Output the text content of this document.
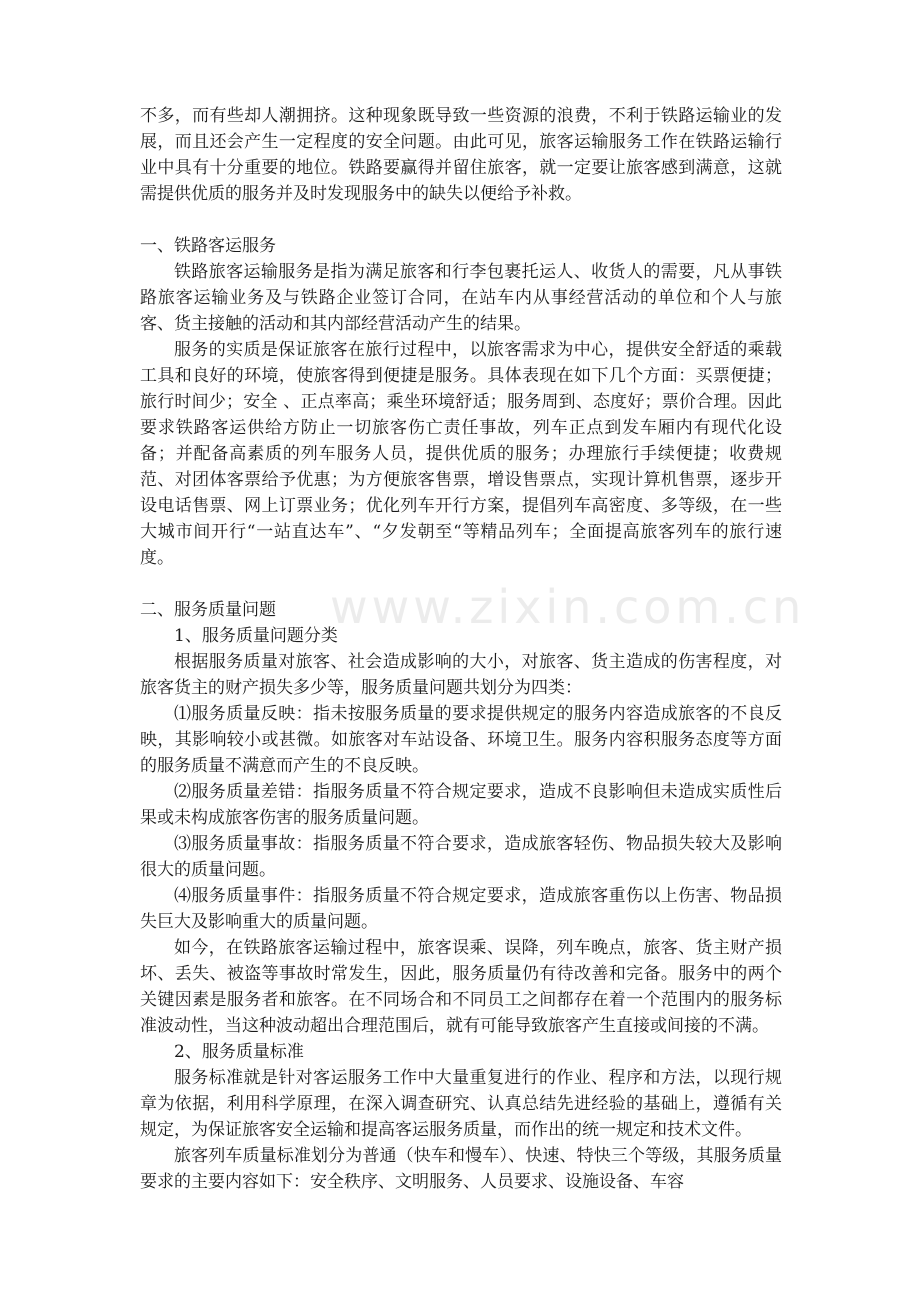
www.zixin.com.cn

不多，而有些却人潮拥挤。这种现象既导致一些资源的浪费，不利于铁路运输业的发展，而且还会产生一定程度的安全问题。由此可见，旅客运输服务工作在铁路运输行业中具有十分重要的地位。铁路要赢得并留住旅客，就一定要让旅客感到满意，这就需提供优质的服务并及时发现服务中的缺失以便给予补救。

一、铁路客运服务

铁路旅客运输服务是指为满足旅客和行李包裹托运人、收货人的需要，凡从事铁路旅客运输业务及与铁路企业签订合同，在站车内从事经营活动的单位和个人与旅客、货主接触的活动和其内部经营活动产生的结果。

服务的实质是保证旅客在旅行过程中，以旅客需求为中心，提供安全舒适的乘载工具和良好的环境，使旅客得到便捷是服务。具体表现在如下几个方面：买票便捷；旅行时间少；安全 、正点率高；乘坐环境舒适；服务周到、态度好；票价合理。因此要求铁路客运供给方防止一切旅客伤亡责任事故，列车正点到发车厢内有现代化设备；并配备高素质的列车服务人员，提供优质的服务；办理旅行手续便捷；收费规范、对团体客票给予优惠；为方便旅客售票，增设售票点，实现计算机售票，逐步开设电话售票、网上订票业务；优化列车开行方案，提倡列车高密度、多等级，在一些大城市间开行“一站直达车”、“夕发朝至“等精品列车；全面提高旅客列车的旅行速度。

二、服务质量问题

1、服务质量问题分类

根据服务质量对旅客、社会造成影响的大小，对旅客、货主造成的伤害程度，对旅客货主的财产损失多少等，服务质量问题共划分为四类：

⑴服务质量反映：指未按服务质量的要求提供规定的服务内容造成旅客的不良反映，其影响较小或甚微。如旅客对车站设备、环境卫生。服务内容积服务态度等方面的服务质量不满意而产生的不良反映。

⑵服务质量差错：指服务质量不符合规定要求，造成不良影响但未造成实质性后果或未构成旅客伤害的服务质量问题。

⑶服务质量事故：指服务质量不符合要求，造成旅客轻伤、物品损失较大及影响很大的质量问题。

⑷服务质量事件：指服务质量不符合规定要求，造成旅客重伤以上伤害、物品损失巨大及影响重大的质量问题。

如今，在铁路旅客运输过程中，旅客误乘、误降，列车晚点，旅客、货主财产损坏、丢失、被盗等事故时常发生，因此，服务质量仍有待改善和完备。服务中的两个关键因素是服务者和旅客。在不同场合和不同员工之间都存在着一个范围内的服务标准波动性，当这种波动超出合理范围后，就有可能导致旅客产生直接或间接的不满。

2、服务质量标准

服务标准就是针对客运服务工作中大量重复进行的作业、程序和方法，以现行规章为依据，利用科学原理，在深入调查研究、认真总结先进经验的基础上，遵循有关规定，为保证旅客安全运输和提高客运服务质量，而作出的统一规定和技术文件。

旅客列车质量标准划分为普通（快车和慢车）、快速、特快三个等级，其服务质量要求的主要内容如下：安全秩序、文明服务、人员要求、设施设备、车容
